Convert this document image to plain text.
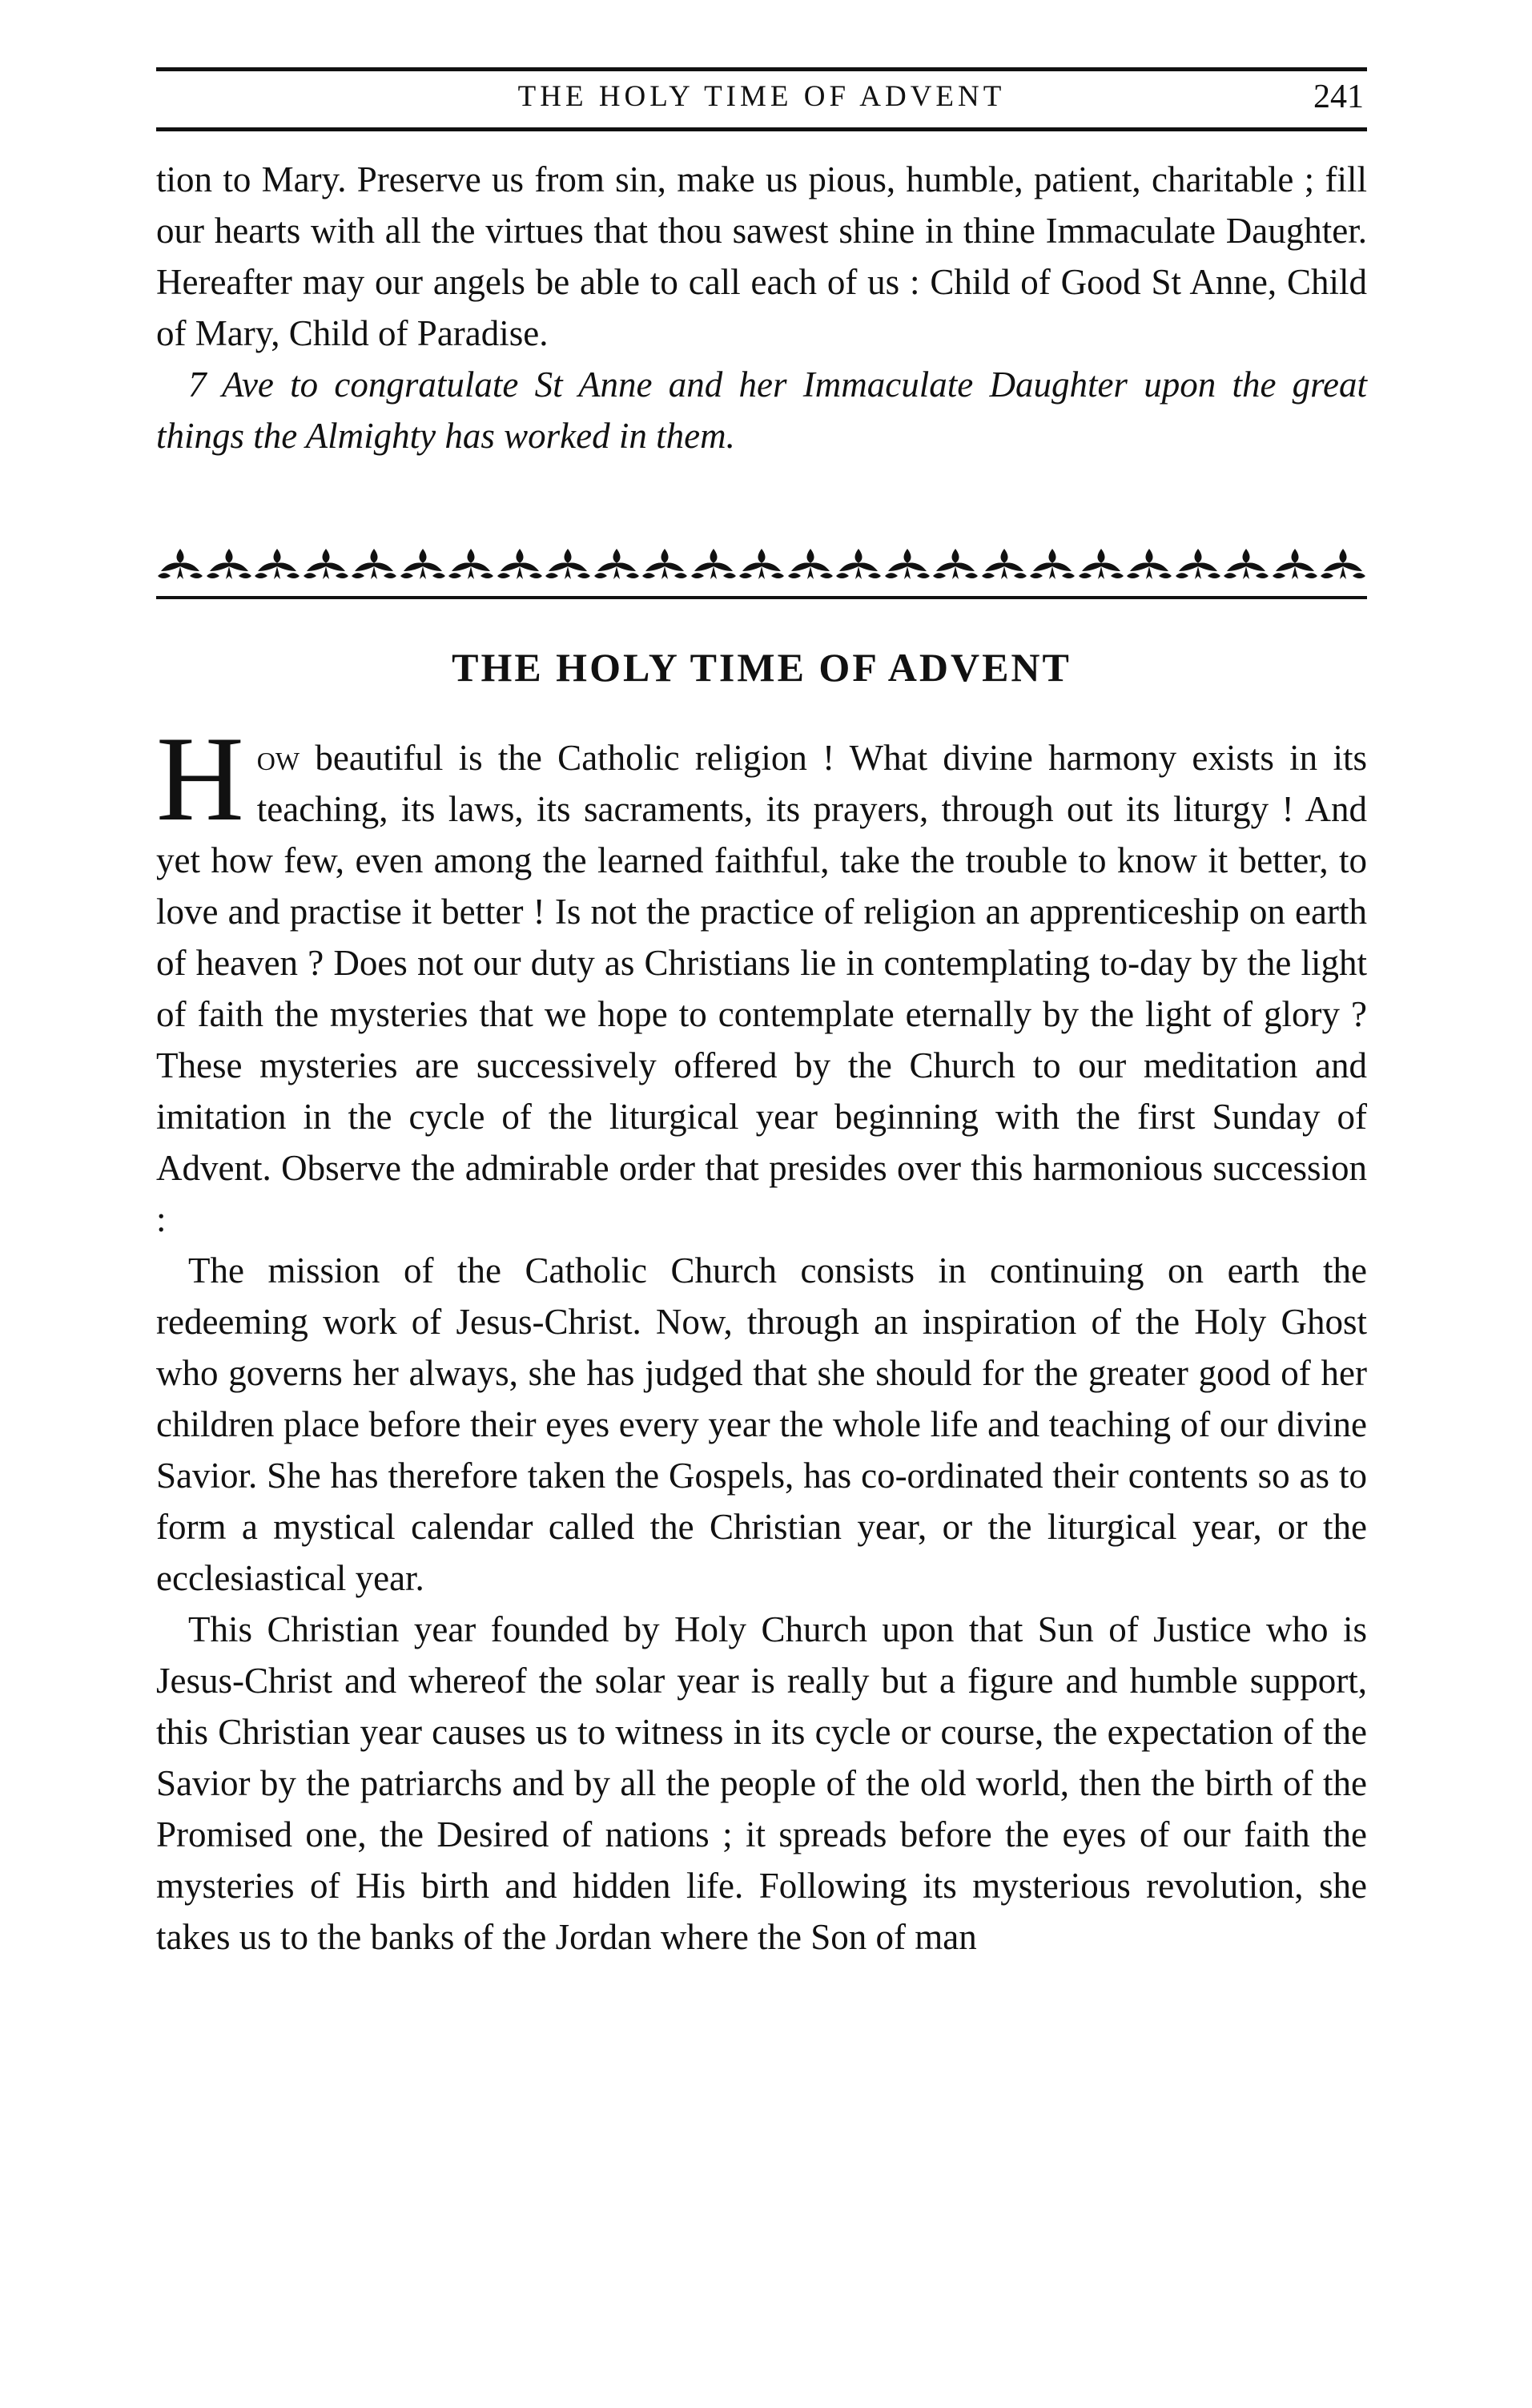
THE HOLY TIME OF ADVENT	241

tion to Mary. Preserve us from sin, make us pious, humble, patient, charitable ; fill our hearts with all the virtues that thou sawest shine in thine Immaculate Daughter. Hereafter may our angels be able to call each of us : Child of Good St Anne, Child of Mary, Child of Paradise.

7 Ave to congratulate St Anne and her Immaculate Daughter upon the great things the Almighty has worked in them.

THE HOLY TIME OF ADVENT

How beautiful is the Catholic religion ! What divine harmony exists in its teaching, its laws, its sacraments, its prayers, through out its liturgy ! And yet how few, even among the learned faithful, take the trouble to know it better, to love and practise it better ! Is not the practice of religion an apprenticeship on earth of heaven ? Does not our duty as Christians lie in contemplating to-day by the light of faith the mysteries that we hope to contemplate eternally by the light of glory ? These mysteries are successively offered by the Church to our meditation and imitation in the cycle of the liturgical year beginning with the first Sunday of Advent. Observe the admirable order that presides over this harmonious succession :

The mission of the Catholic Church consists in continuing on earth the redeeming work of Jesus-Christ. Now, through an inspiration of the Holy Ghost who governs her always, she has judged that she should for the greater good of her children place before their eyes every year the whole life and teaching of our divine Savior. She has therefore taken the Gospels, has co-ordinated their contents so as to form a mystical calendar called the Christian year, or the liturgical year, or the ecclesiastical year.

This Christian year founded by Holy Church upon that Sun of Justice who is Jesus-Christ and whereof the solar year is really but a figure and humble support, this Christian year causes us to witness in its cycle or course, the expectation of the Savior by the patriarchs and by all the people of the old world, then the birth of the Promised one, the Desired of nations ; it spreads before the eyes of our faith the mysteries of His birth and hidden life. Following its mysterious revolution, she takes us to the banks of the Jordan where the Son of man
